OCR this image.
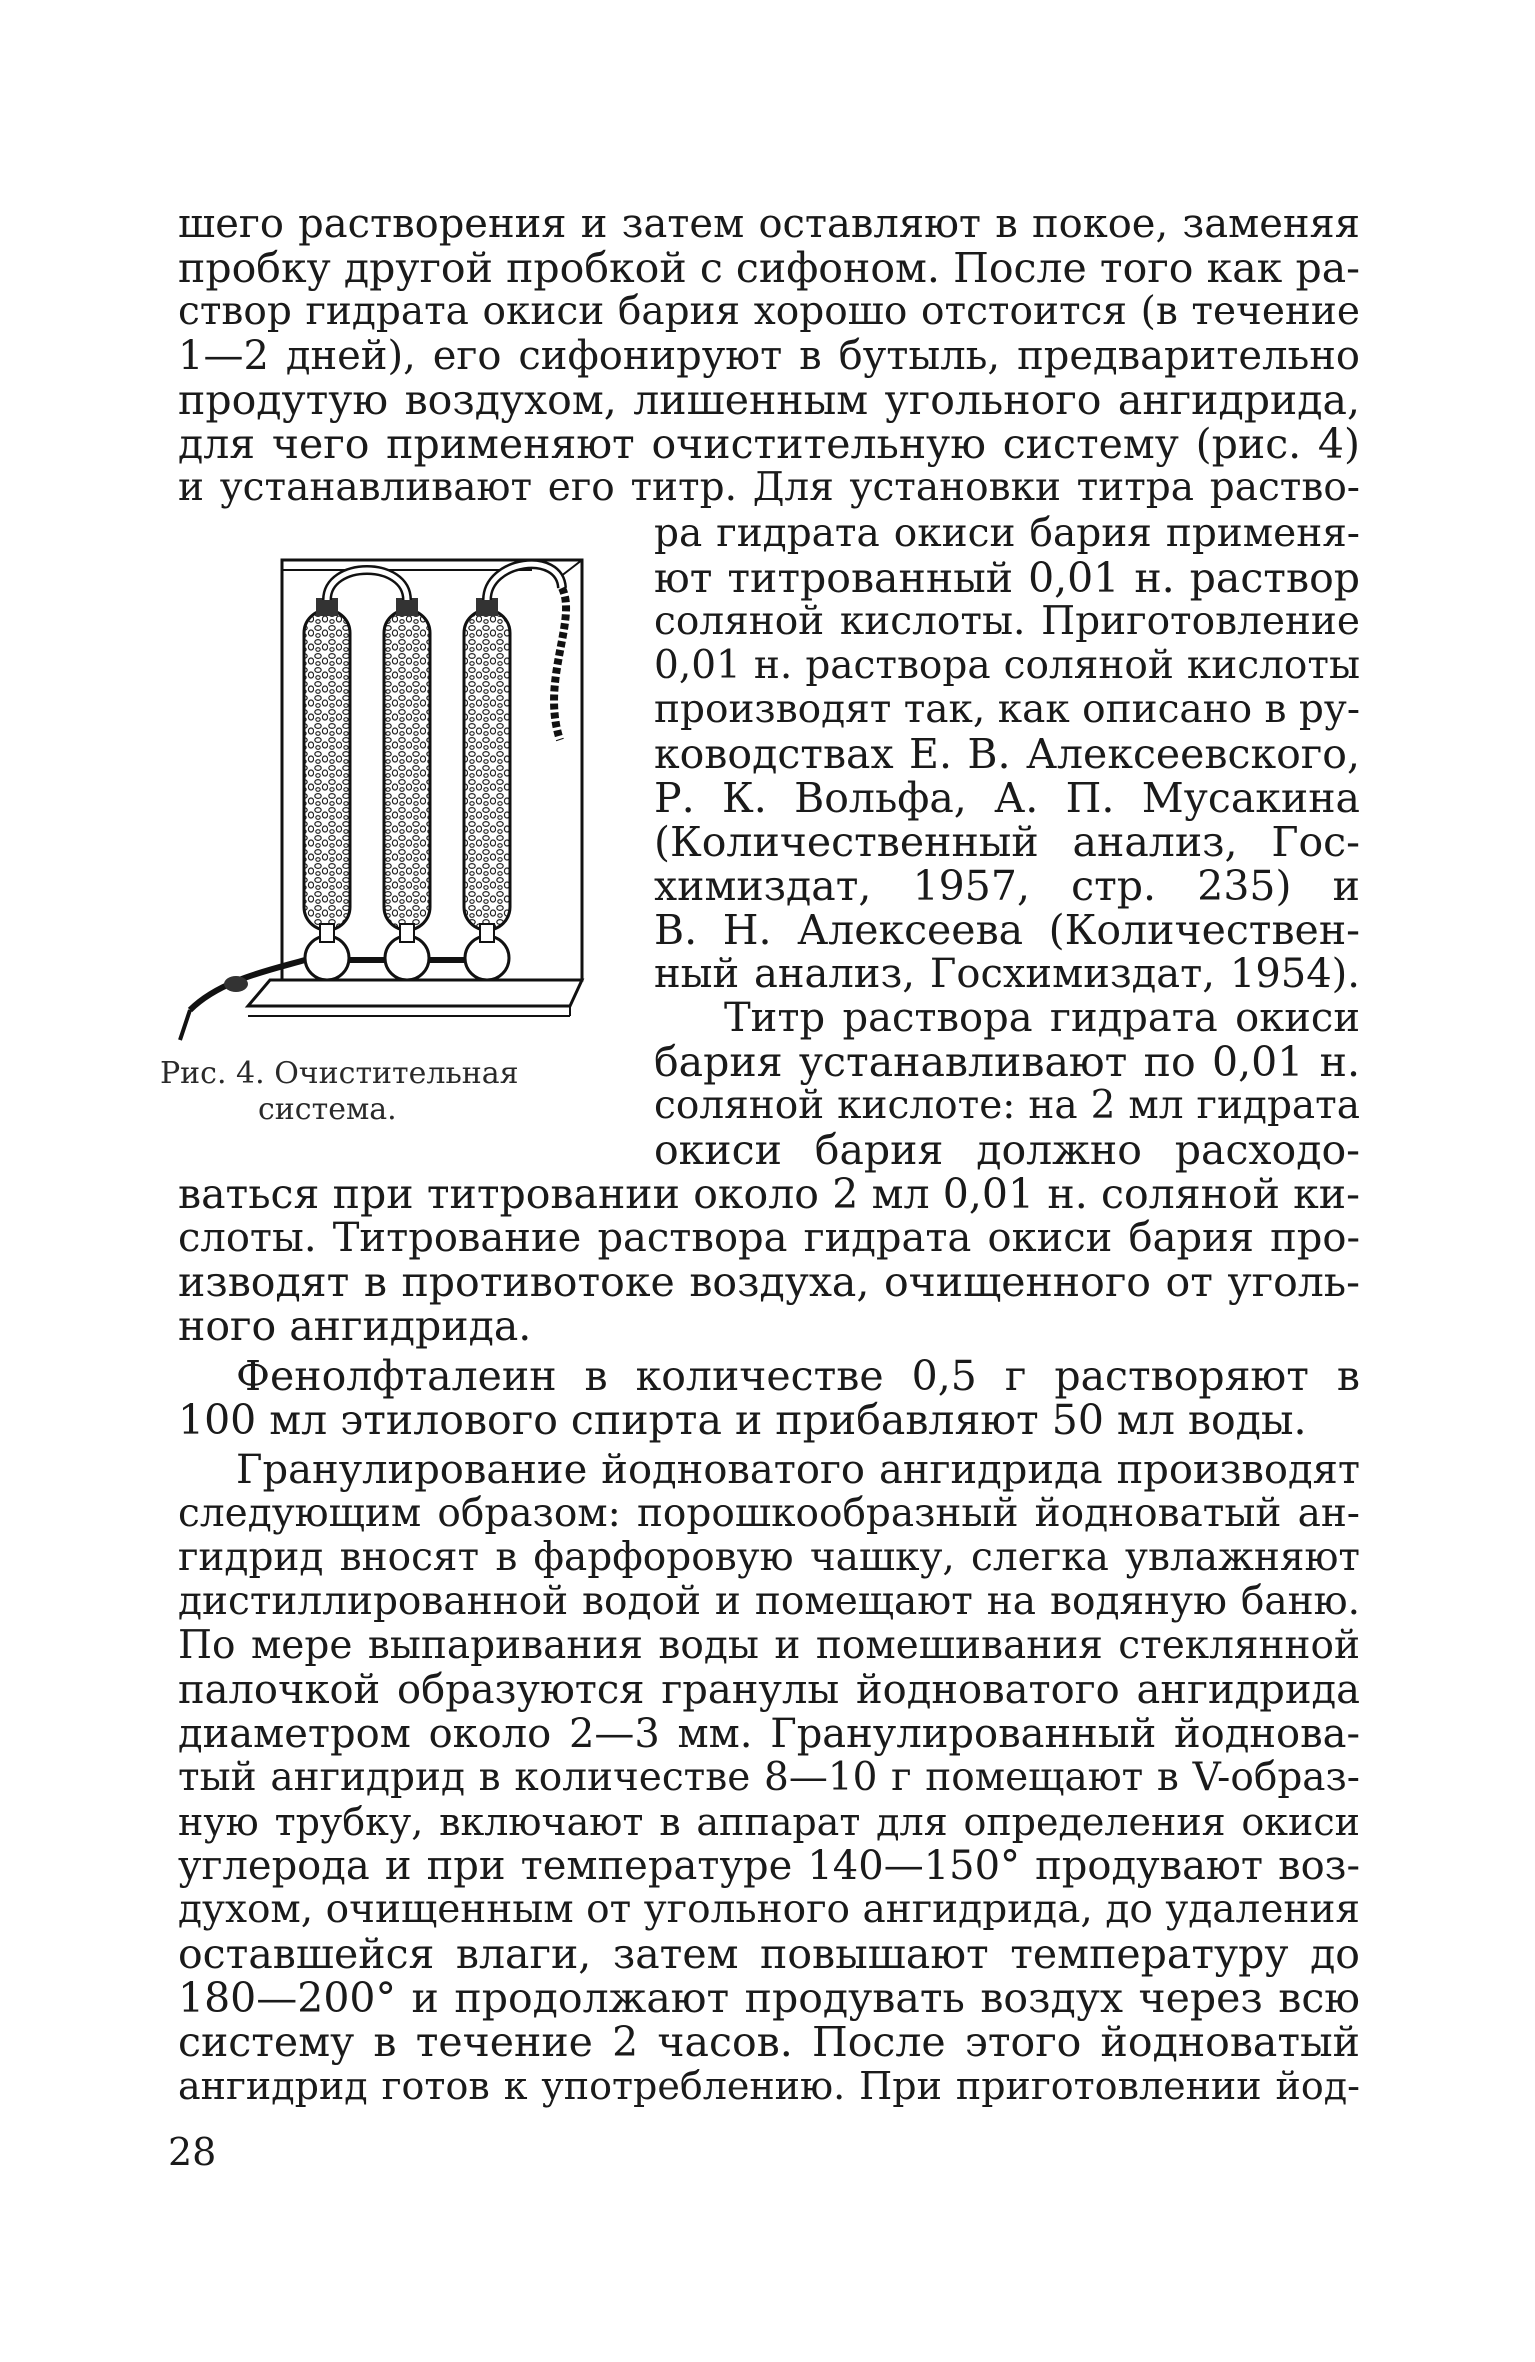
шего растворения и затем оставляют в покое, заменяя
пробку другой пробкой с сифоном. После того как ра-
створ гидрата окиси бария хорошо отстоится (в течение
1—2 дней), его сифонируют в бутыль, предварительно
продутую воздухом, лишенным угольного ангидрида,
для чего применяют очистительную систему (рис. 4)
и устанавливают его титр. Для установки титра раство-
Рис. 4. Очистительная
система.
ра гидрата окиси бария применя-
ют титрованный 0,01 н. раствор
соляной кислоты. Приготовление
0,01 н. раствора соляной кислоты
производят так, как описано в ру-
ководствах Е. В. Алексеевского,
Р. К. Вольфа, А. П. Мусакина
(Количественный анализ, Гос-
химиздат, 1957, стр. 235) и
В. Н. Алексеева (Количествен-
ный анализ, Госхимиздат, 1954).
Титр раствора гидрата окиси
бария устанавливают по 0,01 н.
соляной кислоте: на 2 мл гидрата
окиси бария должно расходо-
ваться при титровании около 2 мл 0,01 н. соляной ки-
слоты. Титрование раствора гидрата окиси бария про-
изводят в противотоке воздуха, очищенного от уголь-
ного ангидрида.
Фенолфталеин в количестве 0,5 г растворяют в
100 мл этилового спирта и прибавляют 50 мл воды.
Гранулирование йодноватого ангидрида производят
следующим образом: порошкообразный йодноватый ан-
гидрид вносят в фарфоровую чашку, слегка увлажняют
дистиллированной водой и помещают на водяную баню.
По мере выпаривания воды и помешивания стеклянной
палочкой образуются гранулы йодноватого ангидрида
диаметром около 2—3 мм. Гранулированный йоднова-
тый ангидрид в количестве 8—10 г помещают в V-образ-
ную трубку, включают в аппарат для определения окиси
углерода и при температуре 140—150° продувают воз-
духом, очищенным от угольного ангидрида, до удаления
оставшейся влаги, затем повышают температуру до
180—200° и продолжают продувать воздух через всю
систему в течение 2 часов. После этого йодноватый
ангидрид готов к употреблению. При приготовлении йод-
28
